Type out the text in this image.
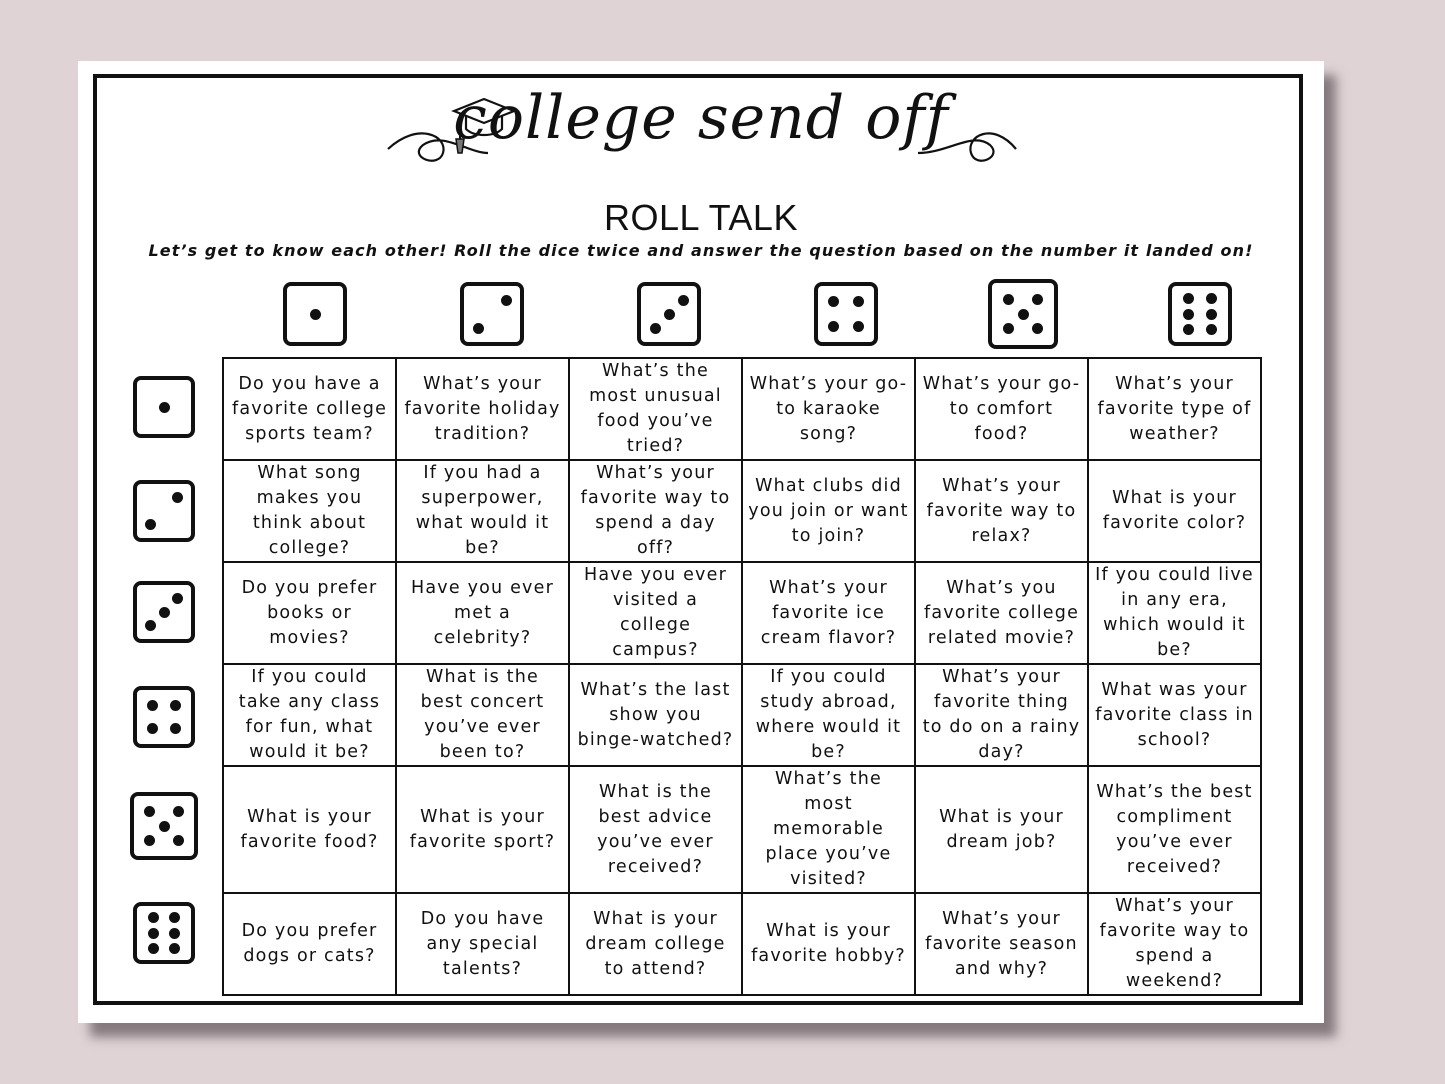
college send off
ROLL TALK
Let’s get to know each other! Roll the dice twice and answer the question based on the number it landed on!
Do you have a favorite college sports team?	What’s your favorite holiday tradition?	What’s the most unusual food you’ve tried?	What’s your go-to karaoke song?	What’s your go-to comfort food?	What’s your favorite type of weather?
What song makes you think about college?	If you had a superpower, what would it be?	What’s your favorite way to spend a day off?	What clubs did you join or want to join?	What’s your favorite way to relax?	What is your favorite color?
Do you prefer books or movies?	Have you ever met a celebrity?	Have you ever visited a college campus?	What’s your favorite ice cream flavor?	What’s you favorite college related movie?	If you could live in any era, which would it be?
If you could take any class for fun, what would it be?	What is the best concert you’ve ever been to?	What’s the last show you binge-watched?	If you could study abroad, where would it be?	What’s your favorite thing to do on a rainy day?	What was your favorite class in school?
What is your favorite food?	What is your favorite sport?	What is the best advice you’ve ever received?	What’s the most memorable place you’ve visited?	What is your dream job?	What’s the best compliment you’ve ever received?
Do you prefer dogs or cats?	Do you have any special talents?	What is your dream college to attend?	What is your favorite hobby?	What’s your favorite season and why?	What’s your favorite way to spend a weekend?
